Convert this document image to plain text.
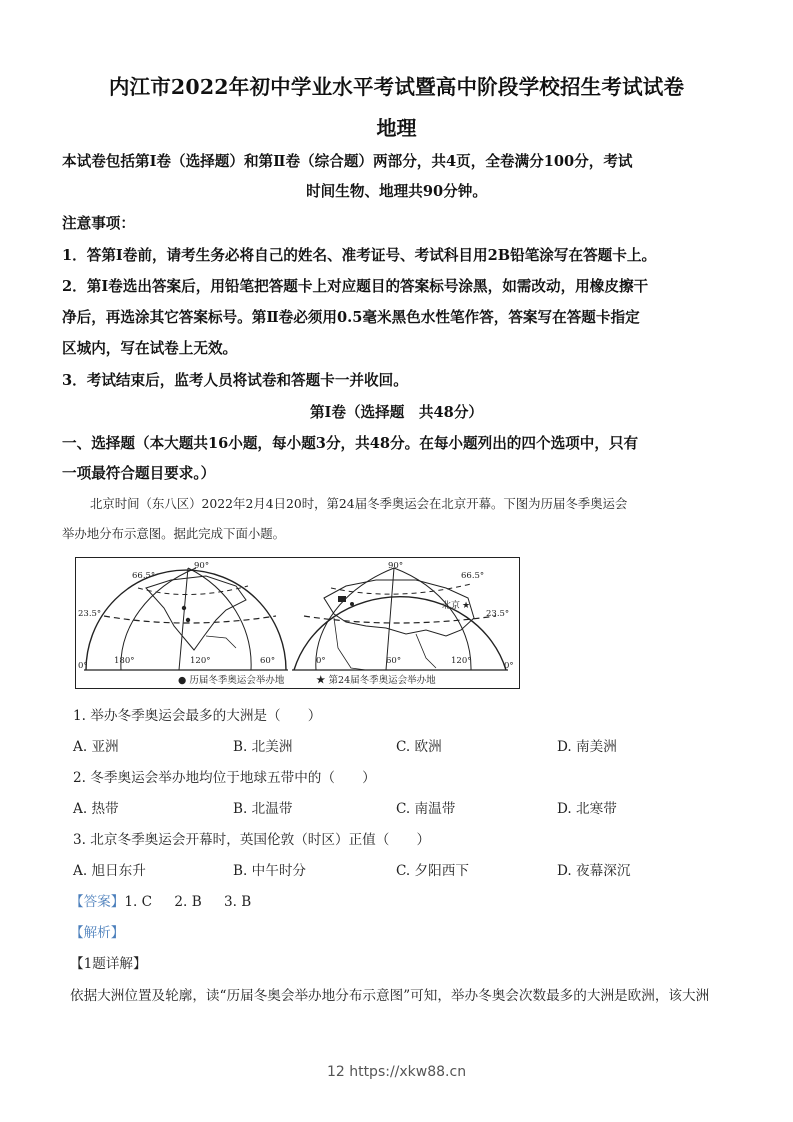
内江市2022年初中学业水平考试暨高中阶段学校招生考试试卷
地理
本试卷包括第Ⅰ卷（选择题）和第Ⅱ卷（综合题）两部分，共4页，全卷满分100分，考试
时间生物、地理共90分钟。
注意事项：
1．答第Ⅰ卷前，请考生务必将自己的姓名、准考证号、考试科目用2B铅笔涂写在答题卡上。
2．第Ⅰ卷选出答案后，用铅笔把答题卡上对应题目的答案标号涂黑，如需改动，用橡皮擦干
净后，再选涂其它答案标号。第Ⅱ卷必须用0.5毫米黑色水性笔作答，答案写在答题卡指定
区城内，写在试卷上无效。
3．考试结束后，监考人员将试卷和答题卡一并收回。
第Ⅰ卷（选择题　共48分）
一、选择题（本大题共16小题，每小题3分，共48分。在每小题列出的四个选项中，只有
一项最符合题目要求。）
北京时间（东八区）2022年2月4日20时，第24届冬季奥运会在北京开幕。下图为历届冬季奥运会
举办地分布示意图。据此完成下面小题。
北京 ★
66.5°
23.5°
0°
90°
180°	120°	60°
66.5°
23.5°
0°
90°
0°	60°	120°
● 历届冬季奥运会举办地	★ 第24届冬季奥运会举办地
1. 举办冬季奥运会最多的大洲是（　　）
A. 亚洲	B. 北美洲	C. 欧洲	D. 南美洲
2. 冬季奥运会举办地均位于地球五带中的（　　）
A. 热带	B. 北温带	C. 南温带	D. 北寒带
3. 北京冬季奥运会开幕时，英国伦敦（时区）正值（　　）
A. 旭日东升	B. 中午时分	C. 夕阳西下	D. 夜幕深沉
【答案】1. C 2. B 3. B
【解析】
【1题详解】
依据大洲位置及轮廓，读“历届冬奥会举办地分布示意图”可知，举办冬奥会次数最多的大洲是欧洲，该大洲
12 https://xkw88.cn
